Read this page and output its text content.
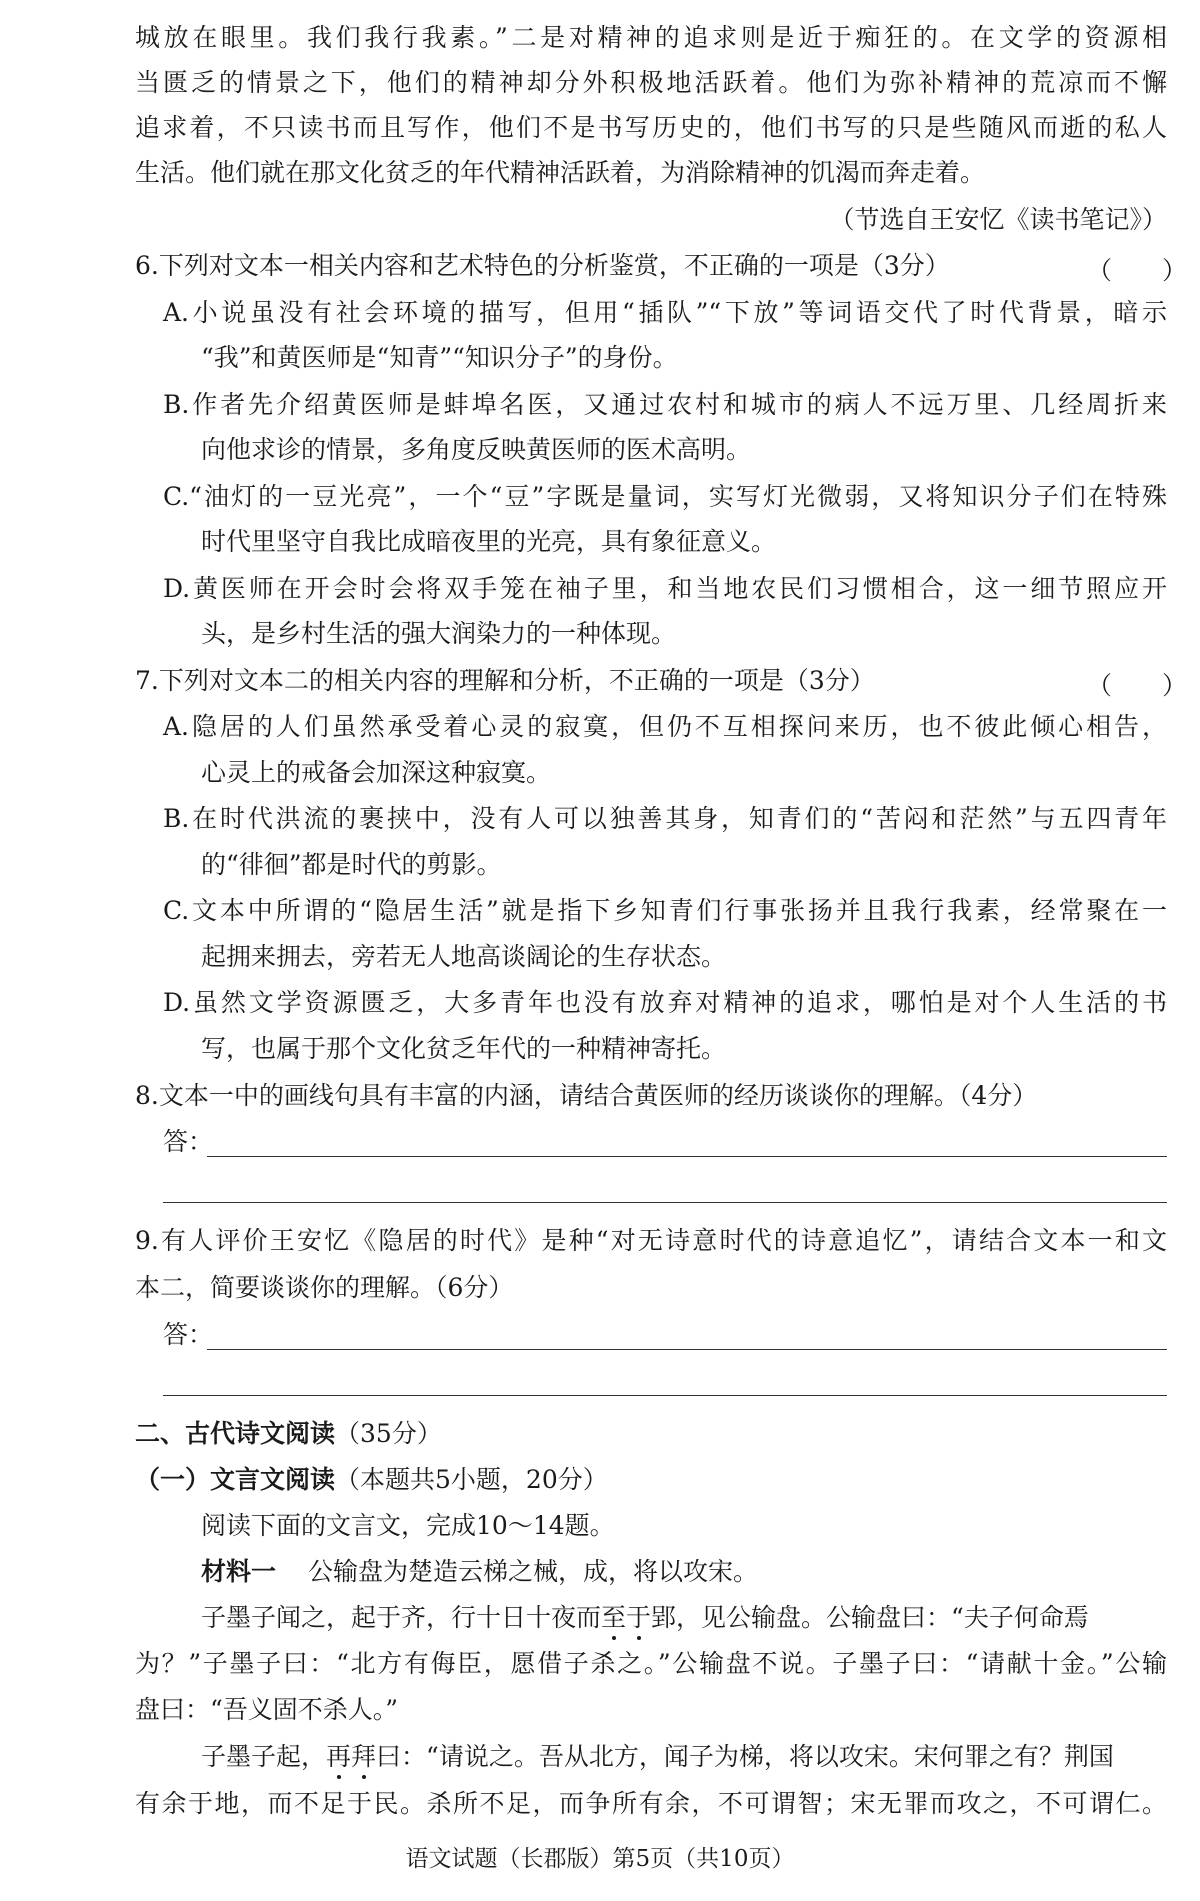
城放在眼里。我们我行我素。”二是对精神的追求则是近于痴狂的。在文学的资源相
当匮乏的情景之下，他们的精神却分外积极地活跃着。他们为弥补精神的荒凉而不懈
追求着，不只读书而且写作，他们不是书写历史的，他们书写的只是些随风而逝的私人
生活。他们就在那文化贫乏的年代精神活跃着，为消除精神的饥渴而奔走着。
（节选自王安忆《读书笔记》）
6.下列对文本一相关内容和艺术特色的分析鉴赏，不正确的一项是（3分）	（　　）
A.小说虽没有社会环境的描写，但用“插队”“下放”等词语交代了时代背景，暗示
“我”和黄医师是“知青”“知识分子”的身份。
B.作者先介绍黄医师是蚌埠名医，又通过农村和城市的病人不远万里、几经周折来
向他求诊的情景，多角度反映黄医师的医术高明。
C.“油灯的一豆光亮”，一个“豆”字既是量词，实写灯光微弱，又将知识分子们在特殊
时代里坚守自我比成暗夜里的光亮，具有象征意义。
D.黄医师在开会时会将双手笼在袖子里，和当地农民们习惯相合，这一细节照应开
头，是乡村生活的强大润染力的一种体现。
7.下列对文本二的相关内容的理解和分析，不正确的一项是（3分）	（　　）
A.隐居的人们虽然承受着心灵的寂寞，但仍不互相探问来历，也不彼此倾心相告，
心灵上的戒备会加深这种寂寞。
B.在时代洪流的裹挟中，没有人可以独善其身，知青们的“苦闷和茫然”与五四青年
的“徘徊”都是时代的剪影。
C.文本中所谓的“隐居生活”就是指下乡知青们行事张扬并且我行我素，经常聚在一
起拥来拥去，旁若无人地高谈阔论的生存状态。
D.虽然文学资源匮乏，大多青年也没有放弃对精神的追求，哪怕是对个人生活的书
写，也属于那个文化贫乏年代的一种精神寄托。
8.文本一中的画线句具有丰富的内涵，请结合黄医师的经历谈谈你的理解。（4分）
答：
9.有人评价王安忆《隐居的时代》是种“对无诗意时代的诗意追忆”，请结合文本一和文
本二，简要谈谈你的理解。（6分）
答：
二、古代诗文阅读（35分）
（一）文言文阅读（本题共5小题，20分）
阅读下面的文言文，完成10～14题。
材料一 公输盘为楚造云梯之械，成，将以攻宋。
子墨子闻之，起于齐，行十日十夜而至于郢，见公输盘。公输盘曰：“夫子何命焉
为？”子墨子曰：“北方有侮臣，愿借子杀之。”公输盘不说。子墨子曰：“请献十金。”公输
盘曰：“吾义固不杀人。”
子墨子起，再拜曰：“请说之。吾从北方，闻子为梯，将以攻宋。宋何罪之有？荆国
有余于地，而不足于民。杀所不足，而争所有余，不可谓智；宋无罪而攻之，不可谓仁。
语文试题（长郡版）第5页（共10页）
